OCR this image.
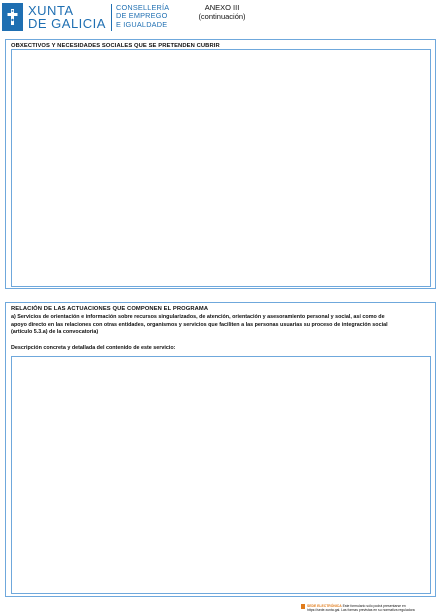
XUNTA
DE GALICIA
CONSELLERÍA
DE EMPREGO
E IGUALDADE
ANEXO III
(continuación)
OBXECTIVOS Y NECESIDADES SOCIALES QUE SE PRETENDEN CUBRIR
RELACIÓN DE LAS ACTUACIONES QUE COMPONEN EL PROGRAMA
a) Servicios de orientación e información sobre recursos singularizados, de atención, orientación y asesoramiento personal y social, así como de
apoyo directo en las relaciones con otras entidades, organismos y servicios que faciliten a las personas usuarias su proceso de integración social
(artículo 5.3.a) de la convocatoria)
Descripción concreta y detallada del contenido de este servicio:
SEDE ELECTRÓNICA Este formulario sólo podrá presentarse en
https://sede.xunta.gal. Las formas previstas en su normativa reguladora
